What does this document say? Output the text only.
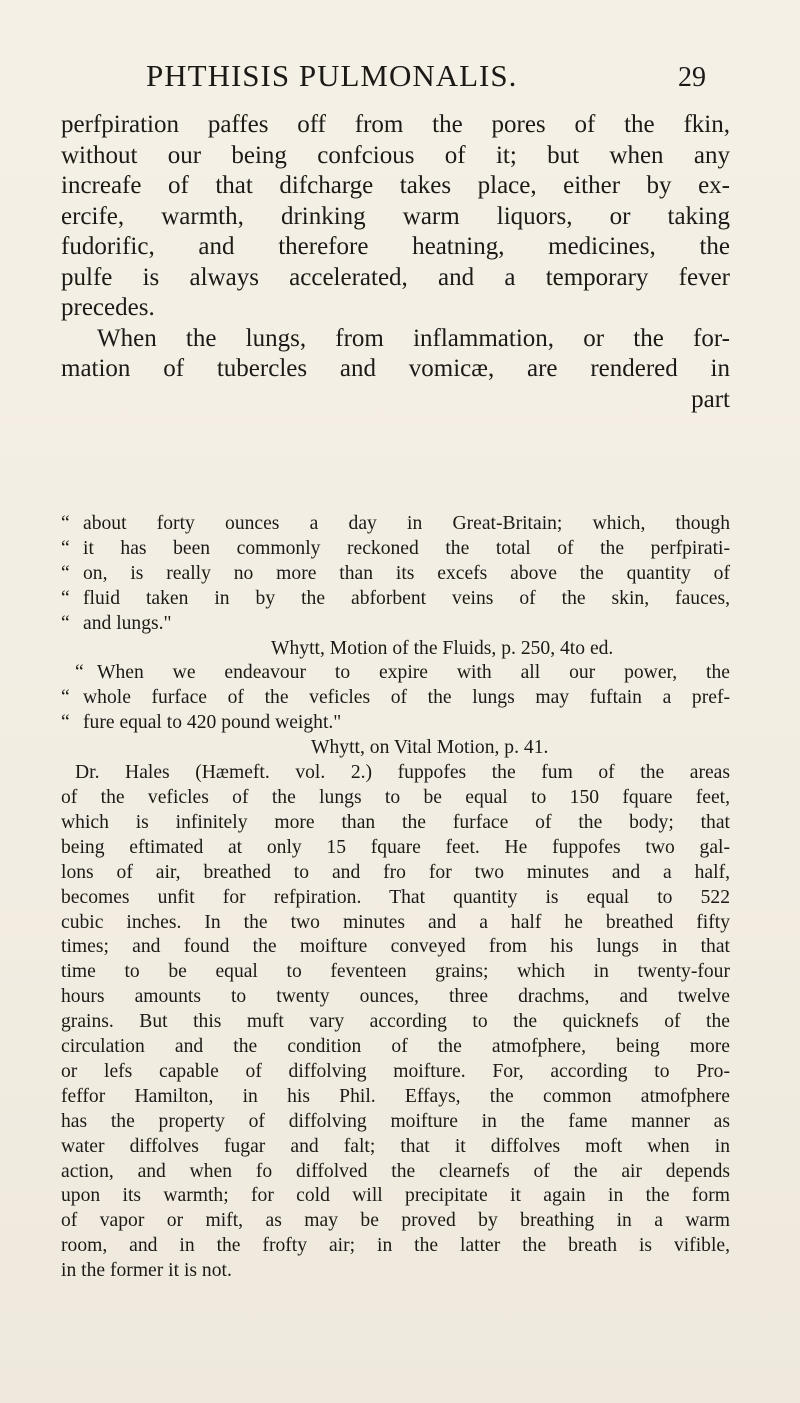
PHTHISIS PULMONALIS.	29
perfpiration paffes off from the pores of the fkin,
without our being confcious of it; but when any
increafe of that difcharge takes place, either by ex-
ercife, warmth, drinking warm liquors, or taking
fudorific, and therefore heatning, medicines, the
pulfe is always accelerated, and a temporary fever
precedes.
When the lungs, from inflammation, or the for-
mation of tubercles and vomicæ, are rendered in
part
“ about forty ounces a day in Great-Britain; which, though
“ it has been commonly reckoned the total of the perfpirati-
“ on, is really no more than its excefs above the quantity of
“ fluid taken in by the abforbent veins of the skin, fauces,
“ and lungs."
Whytt, Motion of the Fluids, p. 250, 4to ed.
“ When we endeavour to expire with all our power, the
“ whole furface of the veficles of the lungs may fuftain a pref-
“ fure equal to 420 pound weight."
Whytt, on Vital Motion, p. 41.
Dr. Hales (Hæmeft. vol. 2.) fuppofes the fum of the areas
of the veficles of the lungs to be equal to 150 fquare feet,
which is infinitely more than the furface of the body; that
being eftimated at only 15 fquare feet. He fuppofes two gal-
lons of air, breathed to and fro for two minutes and a half,
becomes unfit for refpiration. That quantity is equal to 522
cubic inches. In the two minutes and a half he breathed fifty
times; and found the moifture conveyed from his lungs in that
time to be equal to feventeen grains; which in twenty-four
hours amounts to twenty ounces, three drachms, and twelve
grains. But this muft vary according to the quicknefs of the
circulation and the condition of the atmofphere, being more
or lefs capable of diffolving moifture. For, according to Pro-
feffor Hamilton, in his Phil. Effays, the common atmofphere
has the property of diffolving moifture in the fame manner as
water diffolves fugar and falt; that it diffolves moft when in
action, and when fo diffolved the clearnefs of the air depends
upon its warmth; for cold will precipitate it again in the form
of vapor or mift, as may be proved by breathing in a warm
room, and in the frofty air; in the latter the breath is vifible,
in the former it is not.
